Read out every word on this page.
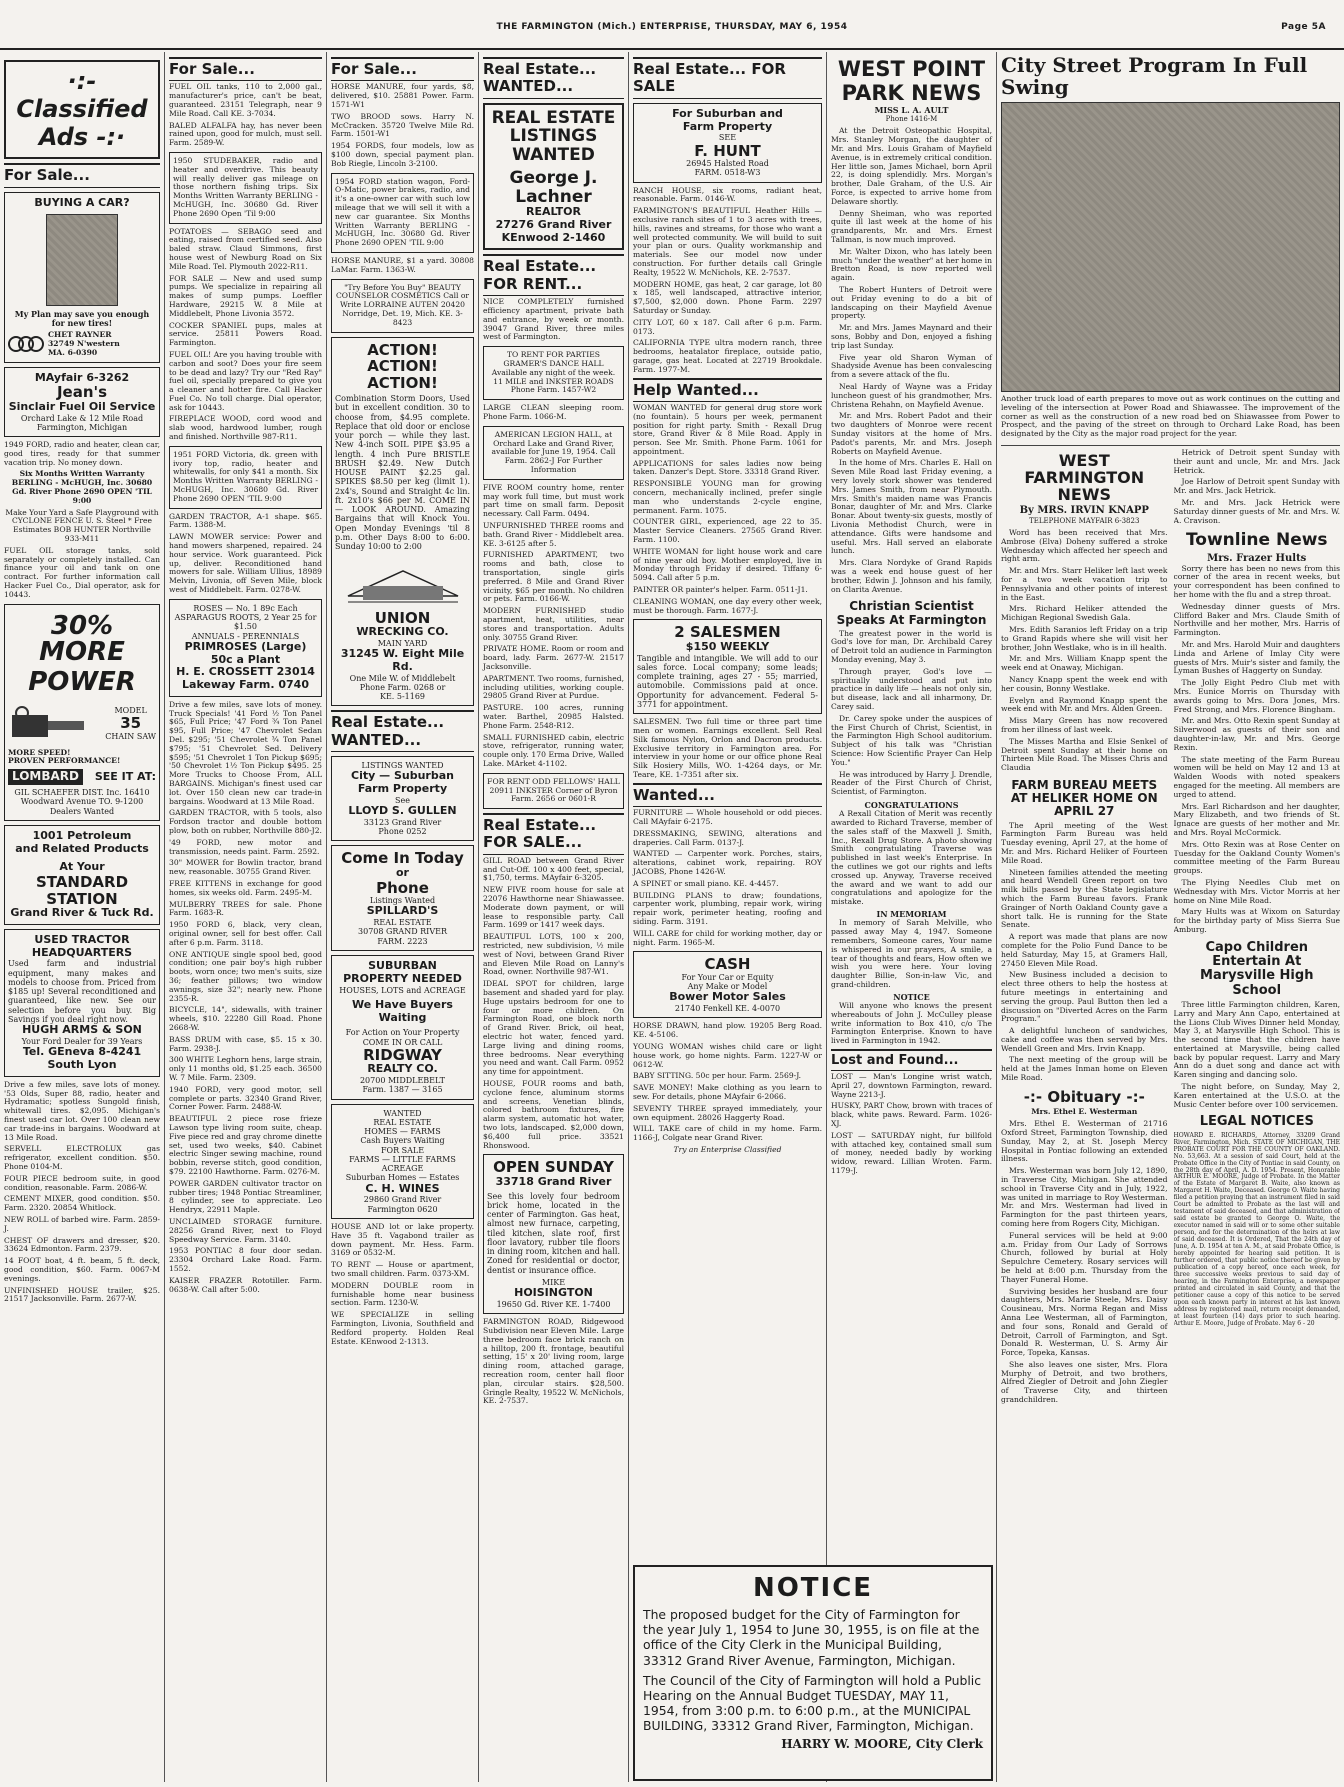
THE FARMINGTON (Mich.) ENTERPRISE, THURSDAY, MAY 6, 1954	Page 5A
·:- Classified Ads -:·
For Sale...
BUYING A CAR?
My Plan may save you enough for new tires!
CHET RAYNER
32749 N'western
MA. 6-0390
MAyfair 6-3262
Jean's
Sinclair Fuel Oil Service
Orchard Lake & 12 Mile Road
Farmington, Michigan
1949 FORD, radio and heater, clean car, good tires, ready for that summer vacation trip. No money down.
Six Months Written Warranty BERLING - McHUGH, Inc. 30680 Gd. River Phone 2690 OPEN 'TIL 9:00
Make Your Yard a Safe Playground with CYCLONE FENCE U. S. Steel * Free Estimates BOB HUNTER Northville 933-M11
FUEL OIL storage tanks, sold separately or completely installed. Can finance your oil and tank on one contract. For further information call Hacker Fuel Co., Dial operator, ask for 10443.
30% MORE
POWER
MODEL
35
CHAIN SAW
MORE SPEED!
PROVEN PERFORMANCE!
LOMBARD	SEE IT AT:
GIL SCHAEFER DIST. Inc. 16410 Woodward Avenue TO. 9-1200 Dealers Wanted
1001 Petroleum
and Related Products
At Your
STANDARD
STATION
Grand River & Tuck Rd.
USED TRACTOR
HEADQUARTERS
Used farm and industrial equipment, many makes and models to choose from. Priced from $185 up! Several reconditioned and guaranteed, like new. See our selection before you buy. Big Savings if you deal right now.
HUGH ARMS & SON
Your Ford Dealer for 39 Years
Tel. GEneva 8-4241
South Lyon
Drive a few miles, save lots of money. '53 Olds, Super 88, radio, heater and Hydramatic; spotless Sungold finish, whitewall tires. $2,095. Michigan's finest used car lot. Over 100 clean new car trade-ins in bargains. Woodward at 13 Mile Road.
SERVELL ELECTROLUX gas refrigerator, excellent condition. $50. Phone 0104-M.
FOUR PIECE bedroom suite, in good condition, reasonable. Farm. 2086-W.
CEMENT MIXER, good condition. $50. Farm. 2320. 20854 Whitlock.
NEW ROLL of barbed wire. Farm. 2859-J.
CHEST OF drawers and dresser, $20. 33624 Edmonton. Farm. 2379.
14 FOOT boat, 4 ft. beam, 5 ft. deck, good condition, $60. Farm. 0067-M evenings.
UNFINISHED HOUSE trailer, $25. 21517 Jacksonville. Farm. 2677-W.
For Sale...
FUEL OIL tanks, 110 to 2,000 gal., manufacturer's price, can't be beat, guaranteed. 23151 Telegraph, near 9 Mile Road. Call KE. 3-7034.
BALED ALFALFA hay, has never been rained upon, good for mulch, must sell. Farm. 2589-W.
1950 STUDEBAKER, radio and heater and overdrive. This beauty will really deliver gas mileage on those northern fishing trips. Six Months Written Warranty BERLING - McHUGH, Inc. 30680 Gd. River Phone 2690 Open 'Til 9:00
POTATOES — SEBAGO seed and eating, raised from certified seed. Also baled straw. Claud Simmons, first house west of Newburg Road on Six Mile Road. Tel. Plymouth 2022-R11.
FOR SALE — New and used sump pumps. We specialize in repairing all makes of sump pumps. Loeffler Hardware, 29215 W. 8 Mile at Middlebelt, Phone Livonia 3572.
COCKER SPANIEL pups, males at service. 25811 Powers Road. Farmington.
FUEL OIL! Are you having trouble with carbon and soot? Does your fire seem to be dead and lazy? Try our "Red Ray" fuel oil, specially prepared to give you a cleaner and hotter fire. Call Hacker Fuel Co. No toll charge. Dial operator, ask for 10443.
FIREPLACE WOOD, cord wood and slab wood, hardwood lumber, rough and finished. Northville 987-R11.
1951 FORD Victoria, dk. green with ivory top, radio, heater and whitewalls, for only $41 a month. Six Months Written Warranty BERLING - McHUGH, Inc. 30680 Gd. River Phone 2690 OPEN 'TIL 9:00
GARDEN TRACTOR, A-1 shape. $65. Farm. 1388-M.
LAWN MOWER service: Power and hand mowers sharpened, repaired. 24 hour service. Work guaranteed. Pick up, deliver. Reconditioned hand mowers for sale. William Ullius, 18989 Melvin, Livonia, off Seven Mile, block west of Middlebelt. Farm. 0278-W.
ROSES — No. 1 89c Each
ASPARAGUS ROOTS, 2 Year 25 for $1.50
ANNUALS - PERENNIALS
PRIMROSES (Large) 50c a Plant
H. E. CROSSETT 23014 Lakeway Farm. 0740
Drive a few miles, save lots of money. Truck Specials! '41 Ford ½ Ton Panel $65, Full Price; '47 Ford ¾ Ton Panel $95, Full Price; '47 Chevrolet Sedan Del. $295; '51 Chevrolet ¾ Ton Panel $795; '51 Chevrolet Sed. Delivery $595; '51 Chevrolet 1 Ton Pickup $695; '50 Chevrolet 1½ Ton Pickup $495. 25 More Trucks to Choose From, ALL BARGAINS. Michigan's finest used car lot. Over 150 clean new car trade-in bargains. Woodward at 13 Mile Road.
GARDEN TRACTOR, with 5 tools, also Fordson tractor and double bottom plow, both on rubber, Northville 880-J2.
'49 FORD, new motor and transmission, needs paint. Farm. 2592.
30" MOWER for Bowlin tractor, brand new, reasonable. 30755 Grand River.
FREE KITTENS in exchange for good homes, six weeks old. Farm. 2495-M.
MULBERRY TREES for sale. Phone Farm. 1683-R.
1950 FORD 6, black, very clean, original owner, sell for best offer. Call after 6 p.m. Farm. 3118.
ONE ANTIQUE single spool bed, good condition; one pair boy's high rubber boots, worn once; two men's suits, size 36; feather pillows; two window awnings, size 32"; nearly new. Phone 2355-R.
BICYCLE, 14", sidewalls, with trainer wheels, $10. 22280 Gill Road. Phone 2668-W.
BASS DRUM with case, $5. 15 x 30. Farm. 2938-J.
300 WHITE Leghorn hens, large strain, only 11 months old, $1.25 each. 36500 W. 7 Mile. Farm. 2309.
1940 FORD, very good motor, sell complete or parts. 32340 Grand River, Corner Power. Farm. 2488-W.
BEAUTIFUL 2 piece rose frieze Lawson type living room suite, cheap. Five piece red and gray chrome dinette set, used two weeks, $40. Cabinet electric Singer sewing machine, round bobbin, reverse stitch, good condition, $79. 22100 Hawthorne. Farm. 0276-M.
POWER GARDEN cultivator tractor on rubber tires; 1948 Pontiac Streamliner, 8 cylinder, see to appreciate. Leo Hendryx, 22911 Maple.
UNCLAIMED STORAGE furniture. 28256 Grand River, next to Floyd Speedway Service. Farm. 3140.
1953 PONTIAC 8 four door sedan. 23304 Orchard Lake Road. Farm. 1552.
KAISER FRAZER Rototiller. Farm. 0638-W. Call after 5:00.
For Sale...
HORSE MANURE, four yards, $8, delivered, $10. 25881 Power. Farm. 1571-W1
TWO BROOD sows. Harry N. McCracken. 35720 Twelve Mile Rd. Farm. 1501-W1
1954 FORDS, four models, low as $100 down, special payment plan. Bob Riegle, Lincoln 3-2100.
1954 FORD station wagon, Ford-O-Matic, power brakes, radio, and it's a one-owner car with such low mileage that we will sell it with a new car guarantee. Six Months Written Warranty BERLING - McHUGH, Inc. 30680 Gd. River Phone 2690 OPEN 'TIL 9:00
HORSE MANURE, $1 a yard. 30808 LaMar. Farm. 1363-W.
"Try Before You Buy" BEAUTY COUNSELOR COSMETICS Call or Write LORRAINE AUTEN 20420 Norridge, Det. 19, Mich. KE. 3-8423
ACTION!
ACTION!
ACTION!
Combination Storm Doors, Used but in excellent condition. 30 to choose from, $4.95 complete. Replace that old door or enclose your porch — while they last. New 4-inch SOIL PIPE $3.95 a length. 4 inch Pure BRISTLE BRUSH $2.49. New Dutch HOUSE PAINT $2.25 gal. SPIKES $8.50 per keg (limit 1). 2x4's, Sound and Straight 4c lin. ft. 2x10's $66 per M. COME IN — LOOK AROUND. Amazing Bargains that will Knock You. Open Monday Evenings 'til 8 p.m. Other Days 8:00 to 6:00. Sunday 10:00 to 2:00
UNION
WRECKING CO.
MAIN YARD
31245 W. Eight Mile Rd.
One Mile W. of Middlebelt
Phone Farm. 0268 or
KE. 5-1169
Real Estate... WANTED...
LISTINGS WANTED
City — Suburban
Farm Property
See
LLOYD S. GULLEN
33123 Grand River
Phone 0252
Come In Today
or
Phone
Listings Wanted
SPILLARD'S
REAL ESTATE
30708 GRAND RIVER
FARM. 2223
SUBURBAN
PROPERTY NEEDED
HOUSES, LOTS and ACREAGE
We Have Buyers
Waiting
For Action on Your Property
COME IN OR CALL
RIDGWAY
REALTY CO.
20700 MIDDLEBELT
Farm. 1387 — 3165
WANTED
REAL ESTATE
HOMES — FARMS
Cash Buyers Waiting
FOR SALE
FARMS — LITTLE FARMS
ACREAGE
Suburban Homes — Estates
C. H. WINES
29860 Grand River
Farmington 0620
HOUSE AND lot or lake property. Have 35 ft. Vagabond trailer as down payment. Mr. Hess. Farm. 3169 or 0532-M.
TO RENT — House or apartment, two small children. Farm. 0373-XM.
MODERN DOUBLE room in furnishable home near business section. Farm. 1230-W.
WE SPECIALIZE in selling Farmington, Livonia, Southfield and Redford property. Holden Real Estate. KEnwood 2-1313.
Real Estate... WANTED...
REAL ESTATE
LISTINGS
WANTED
George J.
Lachner
REALTOR
27276 Grand River
KEnwood 2-1460
Real Estate... FOR RENT...
NICE COMPLETELY furnished efficiency apartment, private bath and entrance, by week or month. 39047 Grand River, three miles west of Farmington.
TO RENT FOR PARTIES GRAMER'S DANCE HALL Available any night of the week. 11 MILE and INKSTER ROADS Phone Farm. 1457-W2
LARGE CLEAN sleeping room. Phone Farm. 1066-M.
AMERICAN LEGION HALL, at Orchard Lake and Grand River, available for June 19, 1954. Call Farm. 2862-J For Further Information
FIVE ROOM country home, renter may work full time, but must work part time on small farm. Deposit necessary. Call Farm. 0494.
UNFURNISHED THREE rooms and bath. Grand River - Middlebelt area. KE. 3-6125 after 5.
FURNISHED APARTMENT, two rooms and bath, close to transportation, single girls preferred. 8 Mile and Grand River vicinity, $65 per month. No children or pets. Farm. 0166-W.
MODERN FURNISHED studio apartment, heat, utilities, near stores and transportation. Adults only. 30755 Grand River.
PRIVATE HOME. Room or room and board, lady. Farm. 2677-W. 21517 Jacksonville.
APARTMENT. Two rooms, furnished, including utilities, working couple. 29805 Grand River at Purdue.
PASTURE. 100 acres, running water. Barthel, 20985 Halsted. Phone Farm. 2548-R12.
SMALL FURNISHED cabin, electric stove, refrigerator, running water, couple only. 170 Erma Drive, Walled Lake. MArket 4-1102.
FOR RENT ODD FELLOWS' HALL 20911 INKSTER Corner of Byron Farm. 2656 or 0601-R
Real Estate... FOR SALE...
GILL ROAD between Grand River and Cut-Off. 100 x 400 feet, special, $1,750, terms. MAyfair 6-3205.
NEW FIVE room house for sale at 22076 Hawthorne near Shiawassee. Moderate down payment, or will lease to responsible party. Call Farm. 1699 or 1417 week days.
BEAUTIFUL LOTS, 100 x 200, restricted, new subdivision, ½ mile west of Novi, between Grand River and Eleven Mile Road on Lanny's Road, owner. Northville 987-W1.
IDEAL SPOT for children, large basement and shaded yard for play. Huge upstairs bedroom for one to four or more children. On Farmington Road, one block north of Grand River. Brick, oil heat, electric hot water, fenced yard. Large living and dining rooms, three bedrooms. Near everything you need and want. Call Farm. 0952 any time for appointment.
HOUSE, FOUR rooms and bath, cyclone fence, aluminum storms and screens, Venetian blinds, colored bathroom fixtures, fire alarm system, automatic hot water, two lots, landscaped. $2,000 down, $6,400 full price. 33521 Rhonswood.
OPEN SUNDAY
33718 Grand River
See this lovely four bedroom brick home, located in the center of Farmington. Gas heat, almost new furnace, carpeting, tiled kitchen, slate roof, first floor lavatory, rubber tile floors in dining room, kitchen and hall. Zoned for residential or doctor, dentist or insurance office.
MIKE
HOISINGTON
19650 Gd. River KE. 1-7400
FARMINGTON ROAD, Ridgewood Subdivision near Eleven Mile. Large three bedroom face brick ranch on a hilltop, 200 ft. frontage, beautiful setting, 15' x 20' living room, large dining room, attached garage, recreation room, center hall floor plan, circular stairs. $28,500. Gringle Realty, 19522 W. McNichols, KE. 2-7537.
Real Estate... FOR SALE
For Suburban and
Farm Property
SEE
F. HUNT
26945 Halsted Road
FARM. 0518-W3
RANCH HOUSE, six rooms, radiant heat, reasonable. Farm. 0146-W.
FARMINGTON'S BEAUTIFUL Heather Hills — exclusive ranch sites of 1 to 3 acres with trees, hills, ravines and streams, for those who want a well protected community. We will build to suit your plan or ours. Quality workmanship and materials. See our model now under construction. For further details call Gringle Realty, 19522 W. McNichols, KE. 2-7537.
MODERN HOME, gas heat, 2 car garage, lot 80 x 185, well landscaped, attractive interior, $7,500, $2,000 down. Phone Farm. 2297 Saturday or Sunday.
CITY LOT, 60 x 187. Call after 6 p.m. Farm. 0173.
CALIFORNIA TYPE ultra modern ranch, three bedrooms, heatalator fireplace, outside patio, garage, gas heat. Located at 22719 Brookdale. Farm. 1977-M.
Help Wanted...
WOMAN WANTED for general drug store work (no fountain). 5 hours per week, permanent position for right party. Smith - Rexall Drug store, Grand River & 8 Mile Road. Apply in person. See Mr. Smith. Phone Farm. 1061 for appointment.
APPLICATIONS for sales ladies now being taken. Danzer's Dept. Store. 33318 Grand River.
RESPONSIBLE YOUNG man for growing concern, mechanically inclined, prefer single man who understands 2-cycle engine, permanent. Farm. 1075.
COUNTER GIRL, experienced, age 22 to 35. Master Service Cleaners. 27565 Grand River. Farm. 1100.
WHITE WOMAN for light house work and care of nine year old boy. Mother employed, live in Monday through Friday if desired. Tiffany 6-5094. Call after 5 p.m.
PAINTER OR painter's helper. Farm. 0511-J1.
CLEANING WOMAN, one day every other week, must be thorough. Farm. 1677-J.
2 SALESMEN
$150 WEEKLY
Tangible and intangible. We will add to our sales force. Local company; some leads; complete training, ages 27 - 55; married, automobile. Commissions paid at once. Opportunity for advancement. Federal 5-3771 for appointment.
SALESMEN. Two full time or three part time men or women. Earnings excellent. Sell Real Silk famous Nylon, Orlon and Dacron products. Exclusive territory in Farmington area. For interview in your home or our office phone Real Silk Hosiery Mills, WO. 1-4264 days, or Mr. Teare, KE. 1-7351 after six.
Wanted...
FURNITURE — Whole household or odd pieces. Call MAyfair 6-2175.
DRESSMAKING, SEWING, alterations and draperies. Call Farm. 0137-J.
WANTED — Carpenter work. Porches, stairs, alterations, cabinet work, repairing. ROY JACOBS, Phone 1426-W.
A SPINET or small piano. KE. 4-4457.
BUILDING PLANS to draw; foundations, carpenter work, plumbing, repair work, wiring repair work, perimeter heating, roofing and siding. Farm. 3191.
WILL CARE for child for working mother, day or night. Farm. 1965-M.
CASH
For Your Car or Equity
Any Make or Model
Bower Motor Sales
21740 Fenkell KE. 4-0070
HORSE DRAWN, hand plow. 19205 Berg Road. KE. 4-5106.
YOUNG WOMAN wishes child care or light house work, go home nights. Farm. 1227-W or 0612-W.
BABY SITTING. 50c per hour. Farm. 2569-J.
SAVE MONEY! Make clothing as you learn to sew. For details, phone MAyfair 6-2066.
SEVENTY THREE sprayed immediately, your own equipment. 28026 Haggerty Road.
WILL TAKE care of child in my home. Farm. 1166-J, Colgate near Grand River.
Try an Enterprise Classified
WEST POINT
PARK NEWS
MISS L. A. AULT
Phone 1416-M
At the Detroit Osteopathic Hospital, Mrs. Stanley Morgan, the daughter of Mr. and Mrs. Louis Graham of Mayfield Avenue, is in extremely critical condition. Her little son, James Michael, born April 22, is doing splendidly. Mrs. Morgan's brother, Dale Graham, of the U.S. Air Force, is expected to arrive home from Delaware shortly.
Denny Sheiman, who was reported quite ill last week at the home of his grandparents, Mr. and Mrs. Ernest Tallman, is now much improved.
Mr. Walter Dixon, who has lately been much "under the weather" at her home in Bretton Road, is now reported well again.
The Robert Hunters of Detroit were out Friday evening to do a bit of landscaping on their Mayfield Avenue property.
Mr. and Mrs. James Maynard and their sons, Bobby and Don, enjoyed a fishing trip last Sunday.
Five year old Sharon Wyman of Shadyside Avenue has been convalescing from a severe attack of the flu.
Neal Hardy of Wayne was a Friday luncheon guest of his grandmother, Mrs. Christena Rehahn, on Mayfield Avenue.
Mr. and Mrs. Robert Padot and their two daughters of Monroe were recent Sunday visitors at the home of Mrs. Padot's parents, Mr. and Mrs. Joseph Roberts on Mayfield Avenue.
In the home of Mrs. Charles E. Hall on Seven Mile Road last Friday evening, a very lovely stork shower was tendered Mrs. James Smith, from near Plymouth. Mrs. Smith's maiden name was Francis Bonar, daughter of Mr. and Mrs. Clarke Bonar. About twenty-six guests, mostly of Livonia Methodist Church, were in attendance. Gifts were handsome and useful. Mrs. Hall served an elaborate lunch.
Mrs. Clara Nordyke of Grand Rapids was a week end house guest of her brother, Edwin J. Johnson and his family, on Clarita Avenue.
Christian Scientist Speaks At Farmington
The greatest power in the world is God's love for man, Dr. Archibald Carey of Detroit told an audience in Farmington Monday evening, May 3.
Through prayer, God's love — spiritually understood and put into practice in daily life — heals not only sin, but disease, lack and all inharmony, Dr. Carey said.
Dr. Carey spoke under the auspices of the First Church of Christ, Scientist, in the Farmington High School auditorium. Subject of his talk was "Christian Science: How Scientific Prayer Can Help You."
He was introduced by Harry J. Drendle, Reader of the First Church of Christ, Scientist, of Farmington.
CONGRATULATIONS
A Rexall Citation of Merit was recently awarded to Richard Traverse, member of the sales staff of the Maxwell J. Smith, Inc., Rexall Drug Store. A photo showing Smith congratulating Traverse was published in last week's Enterprise. In the cutlines we got our rights and lefts crossed up. Anyway, Traverse received the award and we want to add our congratulations and apologize for the mistake.
IN MEMORIAM
In memory of Sarah Melville, who passed away May 4, 1947. Someone remembers, Someone cares, Your name is whispered in our prayers, A smile, a tear of thoughts and fears, How often we wish you were here. Your loving daughter Billie, Son-in-law Vic, and grand-children.
NOTICE
Will anyone who knows the present whereabouts of John J. McCulley please write information to Box 410, c/o The Farmington Enterprise. Known to have lived in Farmington in 1942.
Lost and Found...
LOST — Man's Longine wrist watch, April 27, downtown Farmington, reward. Wayne 2213-J.
HUSKY, PART Chow, brown with traces of black, white paws. Reward. Farm. 1026-XJ.
LOST — SATURDAY night, fur billfold with attached key, contained small sum of money, needed badly by working widow, reward. Lillian Wroten. Farm. 1179-J.
City Street Program In Full Swing
Another truck load of earth prepares to move out as work continues on the cutting and leveling of the intersection at Power Road and Shiawassee. The improvement of the corner as well as the construction of a new road bed on Shiawassee from Power to Prospect, and the paving of the street on through to Orchard Lake Road, has been designated by the City as the major road project for the year.
WEST FARMINGTON NEWS
By MRS. IRVIN KNAPP
TELEPHONE MAYFAIR 6-3823
Word has been received that Mrs. Ambrose (Elva) Doheny suffered a stroke Wednesday which affected her speech and right arm.
Mr. and Mrs. Starr Heliker left last week for a two week vacation trip to Pennsylvania and other points of interest in the East.
Mrs. Richard Heliker attended the Michigan Regional Swedish Gala.
Mrs. Edith Saranios left Friday on a trip to Grand Rapids where she will visit her brother, John Westlake, who is in ill health.
Mr. and Mrs. William Knapp spent the week end at Onaway, Michigan.
Nancy Knapp spent the week end with her cousin, Bonny Westlake.
Evelyn and Raymond Knapp spent the week end with Mr. and Mrs. Alden Green.
Miss Mary Green has now recovered from her illness of last week.
The Misses Martha and Elsie Senkel of Detroit spent Sunday at their home on Thirteen Mile Road. The Misses Chris and Claudia
FARM BUREAU MEETS AT HELIKER HOME ON APRIL 27
The April meeting of the West Farmington Farm Bureau was held Tuesday evening, April 27, at the home of Mr. and Mrs. Richard Heliker of Fourteen Mile Road.
Nineteen families attended the meeting and heard Wendell Green report on two milk bills passed by the State legislature which the Farm Bureau favors. Frank Grainger of North Oakland County gave a short talk. He is running for the State Senate.
A report was made that plans are now complete for the Polio Fund Dance to be held Saturday, May 15, at Gramers Hall, 27450 Eleven Mile Road.
New Business included a decision to elect three others to help the hostess at future meetings in entertaining and serving the group. Paul Button then led a discussion on "Diverted Acres on the Farm Program."
A delightful luncheon of sandwiches, cake and coffee was then served by Mrs. Wendell Green and Mrs. Irvin Knapp.
The next meeting of the group will be held at the James Inman home on Eleven Mile Road.
-:- Obituary -:-
Mrs. Ethel E. Westerman
Mrs. Ethel E. Westerman of 21716 Oxford Street, Farmington Township, died Sunday, May 2, at St. Joseph Mercy Hospital in Pontiac following an extended illness.
Mrs. Westerman was born July 12, 1890, in Traverse City, Michigan. She attended school in Traverse City and in July, 1922, was united in marriage to Roy Westerman. Mr. and Mrs. Westerman had lived in Farmington for the past thirteen years, coming here from Rogers City, Michigan.
Funeral services will be held at 9:00 a.m. Friday from Our Lady of Sorrows Church, followed by burial at Holy Sepulchre Cemetery. Rosary services will be held at 8:00 p.m. Thursday from the Thayer Funeral Home.
Surviving besides her husband are four daughters, Mrs. Marie Steele, Mrs. Daisy Cousineau, Mrs. Norma Regan and Miss Anna Lee Westerman, all of Farmington, and four sons, Ronald and Gerald of Detroit, Carroll of Farmington, and Sgt. Donald R. Westerman, U. S. Army Air Force, Topeka, Kansas.
She also leaves one sister, Mrs. Flora Murphy of Detroit, and two brothers, Alfred Ziegler of Detroit and John Ziegler of Traverse City, and thirteen grandchildren.
Hetrick of Detroit spent Sunday with their aunt and uncle, Mr. and Mrs. Jack Hetrick.
Joe Harlow of Detroit spent Sunday with Mr. and Mrs. Jack Hetrick.
Mr. and Mrs. Jack Hetrick were Saturday dinner guests of Mr. and Mrs. W. A. Cravison.
Townline News
Mrs. Frazer Hults
Sorry there has been no news from this corner of the area in recent weeks, but your correspondent has been confined to her home with the flu and a strep throat.
Wednesday dinner guests of Mrs. Clifford Baker and Mrs. Claude Smith of Northville and her mother, Mrs. Harris of Farmington.
Mr. and Mrs. Harold Muir and daughters Linda and Arlene of Imlay City were guests of Mrs. Muir's sister and family, the Lyman Bushes of Haggerty on Sunday.
The Jolly Eight Pedro Club met with Mrs. Eunice Morris on Thursday with awards going to Mrs. Dora Jones, Mrs. Fred Strong, and Mrs. Florence Bingham.
Mr. and Mrs. Otto Rexin spent Sunday at Silverwood as guests of their son and daughter-in-law, Mr. and Mrs. George Rexin.
The state meeting of the Farm Bureau women will be held on May 12 and 13 at Walden Woods with noted speakers engaged for the meeting. All members are urged to attend.
Mrs. Earl Richardson and her daughter, Mary Elizabeth, and two friends of St. Ignace are guests of her mother and Mr. and Mrs. Royal McCormick.
Mrs. Otto Rexin was at Rose Center on Tuesday for the Oakland County Women's committee meeting of the Farm Bureau groups.
The Flying Needles Club met on Wednesday with Mrs. Victor Morris at her home on Nine Mile Road.
Mary Hults was at Wixom on Saturday for the birthday party of Miss Sierra Sue Amburg.
Capo Children Entertain At Marysville High School
Three little Farmington children, Karen, Larry and Mary Ann Capo, entertained at the Lions Club Wives Dinner held Monday, May 3, at Marysville High School. This is the second time that the children have entertained at Marysville, being called back by popular request. Larry and Mary Ann do a duet song and dance act with Karen singing and dancing solo.
The night before, on Sunday, May 2, Karen entertained at the U.S.O. at the Music Center before over 100 servicemen.
LEGAL NOTICES
HOWARD E. RICHARDS, Attorney, 33209 Grand River, Farmington, Mich. STATE OF MICHIGAN, THE PROBATE COURT FOR THE COUNTY OF OAKLAND. No. 53,663. At a session of said Court, held at the Probate Office in the City of Pontiac in said County, on the 28th day of April, A. D. 1954. Present, Honorable ARTHUR E. MOORE, Judge of Probate. In the Matter of the Estate of Margaret B. Waite, also known as Margaret H. Waite, Deceased. George O. Waite having filed a petition praying that an instrument filed in said Court be admitted to Probate as the last will and testament of said deceased, and that administration of said estate be granted to George O. Waite, the executor named in said will or to some other suitable person, and for the determination of the heirs at law of said deceased. It is Ordered, That the 24th day of June, A. D. 1954 at ten A. M., at said Probate Office, is hereby appointed for hearing said petition. It is further ordered, that public notice thereof be given by publication of a copy hereof, once each week, for three successive weeks previous to said day of hearing, in the Farmington Enterprise, a newspaper printed and circulated in said County, and that the petitioner cause a copy of this notice to be served upon each known party in interest at his last known address by registered mail, return receipt demanded, at least fourteen (14) days prior to such hearing. Arthur E. Moore, Judge of Probate. May 6 - 20
NOTICE

The proposed budget for the City of Farmington for the year July 1, 1954 to June 30, 1955, is on file at the office of the City Clerk in the Municipal Building, 33312 Grand River Avenue, Farmington, Michigan.

The Council of the City of Farmington will hold a Public Hearing on the Annual Budget TUESDAY, MAY 11, 1954, from 3:00 p.m. to 6:00 p.m., at the MUNICIPAL BUILDING, 33312 Grand River, Farmington, Michigan.

HARRY W. MOORE, City Clerk
